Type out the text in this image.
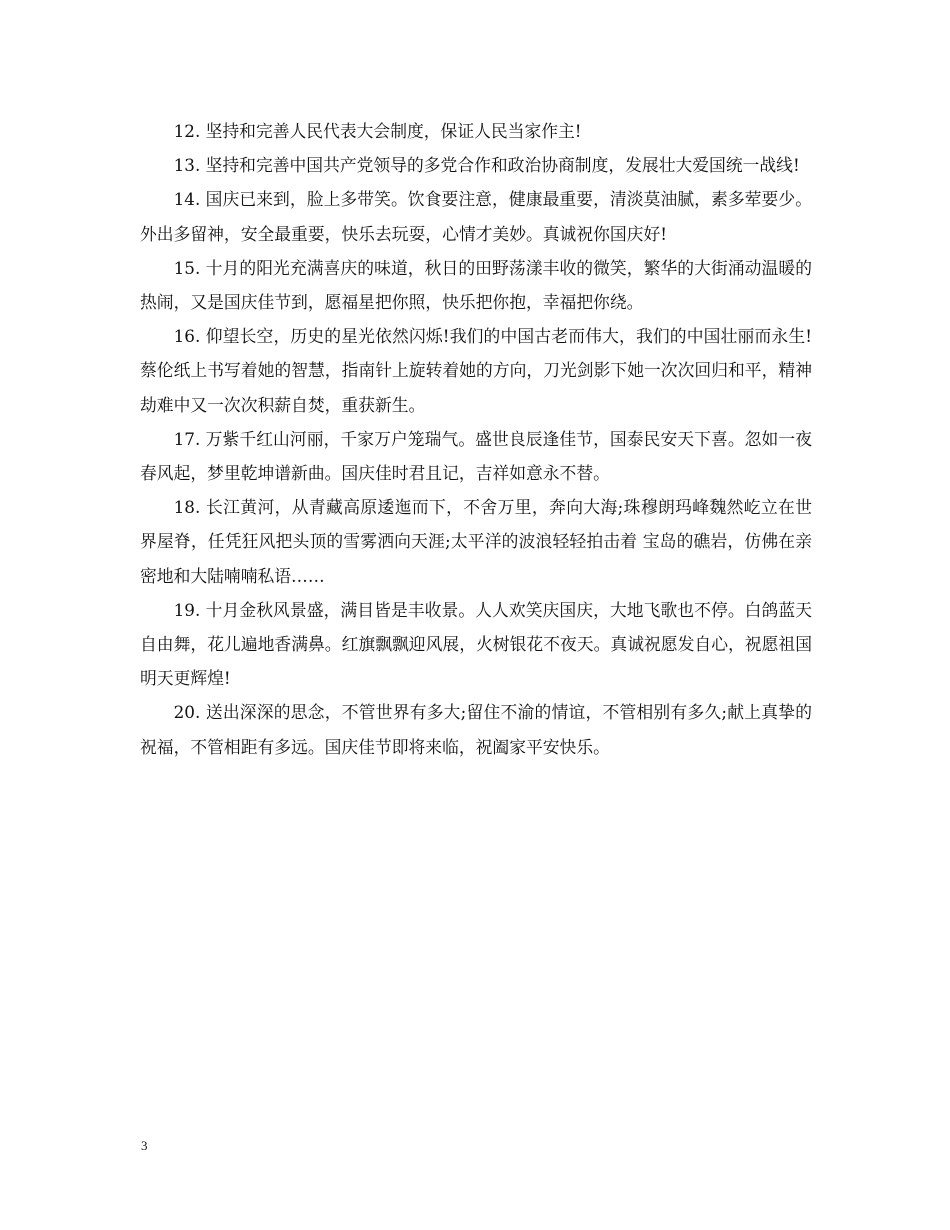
12. 坚持和完善人民代表大会制度，保证人民当家作主!

13. 坚持和完善中国共产党领导的多党合作和政治协商制度，发展壮大爱国统一战线!

14. 国庆已来到，脸上多带笑。饮食要注意，健康最重要，清淡莫油腻，素多荤要少。外出多留神，安全最重要，快乐去玩耍，心情才美妙。真诚祝你国庆好!

15. 十月的阳光充满喜庆的味道，秋日的田野荡漾丰收的微笑，繁华的大街涌动温暖的热闹，又是国庆佳节到，愿福星把你照，快乐把你抱，幸福把你绕。

16. 仰望长空，历史的星光依然闪烁!我们的中国古老而伟大，我们的中国壮丽而永生!蔡伦纸上书写着她的智慧，指南针上旋转着她的方向，刀光剑影下她一次次回归和平，精神劫难中又一次次积薪自焚，重获新生。

17. 万紫千红山河丽，千家万户笼瑞气。盛世良辰逢佳节，国泰民安天下喜。忽如一夜春风起，梦里乾坤谱新曲。国庆佳时君且记，吉祥如意永不替。

18. 长江黄河，从青藏高原逶迤而下，不舍万里，奔向大海;珠穆朗玛峰魏然屹立在世界屋脊，任凭狂风把头顶的雪雾洒向天涯;太平洋的波浪轻轻拍击着 宝岛的礁岩，仿佛在亲密地和大陆喃喃私语……

19. 十月金秋风景盛，满目皆是丰收景。人人欢笑庆国庆，大地飞歌也不停。白鸽蓝天自由舞，花儿遍地香满鼻。红旗飘飘迎风展，火树银花不夜天。真诚祝愿发自心，祝愿祖国明天更辉煌!

20. 送出深深的思念，不管世界有多大;留住不渝的情谊，不管相别有多久;献上真挚的祝福，不管相距有多远。国庆佳节即将来临，祝阖家平安快乐。

3
